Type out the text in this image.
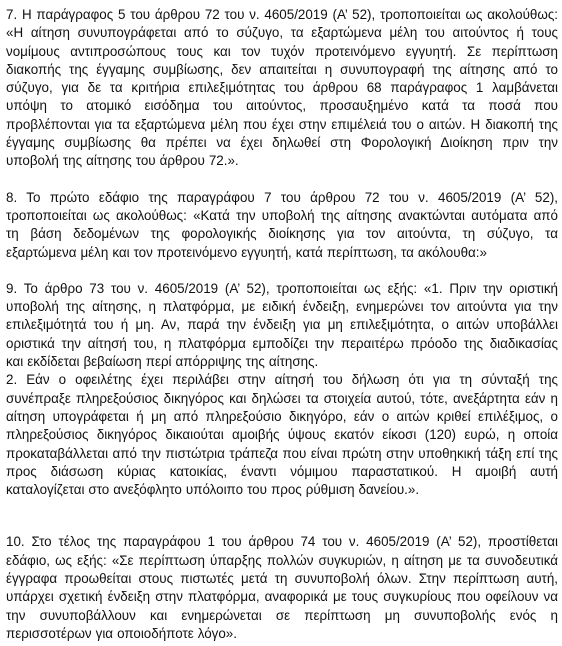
7. Η παράγραφος 5 του άρθρου 72 του ν. 4605/2019 (Α’ 52), τροποποιείται ως ακολούθως:
«Η αίτηση συνυπογράφεται από το σύζυγο, τα εξαρτώμενα μέλη του αιτούντος ή τους
νομίμους αντιπροσώπους τους και τον τυχόν προτεινόμενο εγγυητή. Σε περίπτωση
διακοπής της έγγαμης συμβίωσης, δεν απαιτείται η συνυπογραφή της αίτησης από το
σύζυγο, για δε τα κριτήρια επιλεξιμότητας του άρθρου 68 παράγραφος 1 λαμβάνεται
υπόψη το ατομικό εισόδημα του αιτούντος, προσαυξημένο κατά τα ποσά που
προβλέπονται για τα εξαρτώμενα μέλη που έχει στην επιμέλειά του ο αιτών. Η διακοπή της
έγγαμης συμβίωσης θα πρέπει να έχει δηλωθεί στη Φορολογική Διοίκηση πριν την
υποβολή της αίτησης του άρθρου 72.».

8. Το πρώτο εδάφιο της παραγράφου 7 του άρθρου 72 του ν. 4605/2019 (Α’ 52),
τροποποιείται ως ακολούθως: «Κατά την υποβολή της αίτησης ανακτώνται αυτόματα από
τη βάση δεδομένων της φορολογικής διοίκησης για τον αιτούντα, τη σύζυγο, τα
εξαρτώμενα μέλη και τον προτεινόμενο εγγυητή, κατά περίπτωση, τα ακόλουθα:»

9. Το άρθρο 73 του ν. 4605/2019 (Α’ 52), τροποποιείται ως εξής: «1. Πριν την οριστική
υποβολή της αίτησης, η πλατφόρμα, με ειδική ένδειξη, ενημερώνει τον αιτούντα για την
επιλεξιμότητά του ή μη. Αν, παρά την ένδειξη για μη επιλεξιμότητα, ο αιτών υποβάλλει
οριστικά την αίτησή του, η πλατφόρμα εμποδίζει την περαιτέρω πρόοδο της διαδικασίας
και εκδίδεται βεβαίωση περί απόρριψης της αίτησης.
2. Εάν ο οφειλέτης έχει περιλάβει στην αίτησή του δήλωση ότι για τη σύνταξή της
συνέπραξε πληρεξούσιος δικηγόρος και δηλώσει τα στοιχεία αυτού, τότε, ανεξάρτητα εάν η
αίτηση υπογράφεται ή μη από πληρεξούσιο δικηγόρο, εάν ο αιτών κριθεί επιλέξιμος, ο
πληρεξούσιος δικηγόρος δικαιούται αμοιβής ύψους εκατόν είκοσι (120) ευρώ, η οποία
προκαταβάλλεται από την πιστώτρια τράπεζα που είναι πρώτη στην υποθηκική τάξη επί της
προς διάσωση κύριας κατοικίας, έναντι νόμιμου παραστατικού. Η αμοιβή αυτή
καταλογίζεται στο ανεξόφλητο υπόλοιπο του προς ρύθμιση δανείου.».

10. Στο τέλος της παραγράφου 1 του άρθρου 74 του ν. 4605/2019 (Α’ 52), προστίθεται
εδάφιο, ως εξής: «Σε περίπτωση ύπαρξης πολλών συγκυριών, η αίτηση με τα συνοδευτικά
έγγραφα προωθείται στους πιστωτές μετά τη συνυποβολή όλων. Στην περίπτωση αυτή,
υπάρχει σχετική ένδειξη στην πλατφόρμα, αναφορικά με τους συγκυρίους που οφείλουν να
την συνυποβάλλουν και ενημερώνεται σε περίπτωση μη συνυποβολής ενός η
περισσοτέρων για οποιοδήποτε λόγο».
